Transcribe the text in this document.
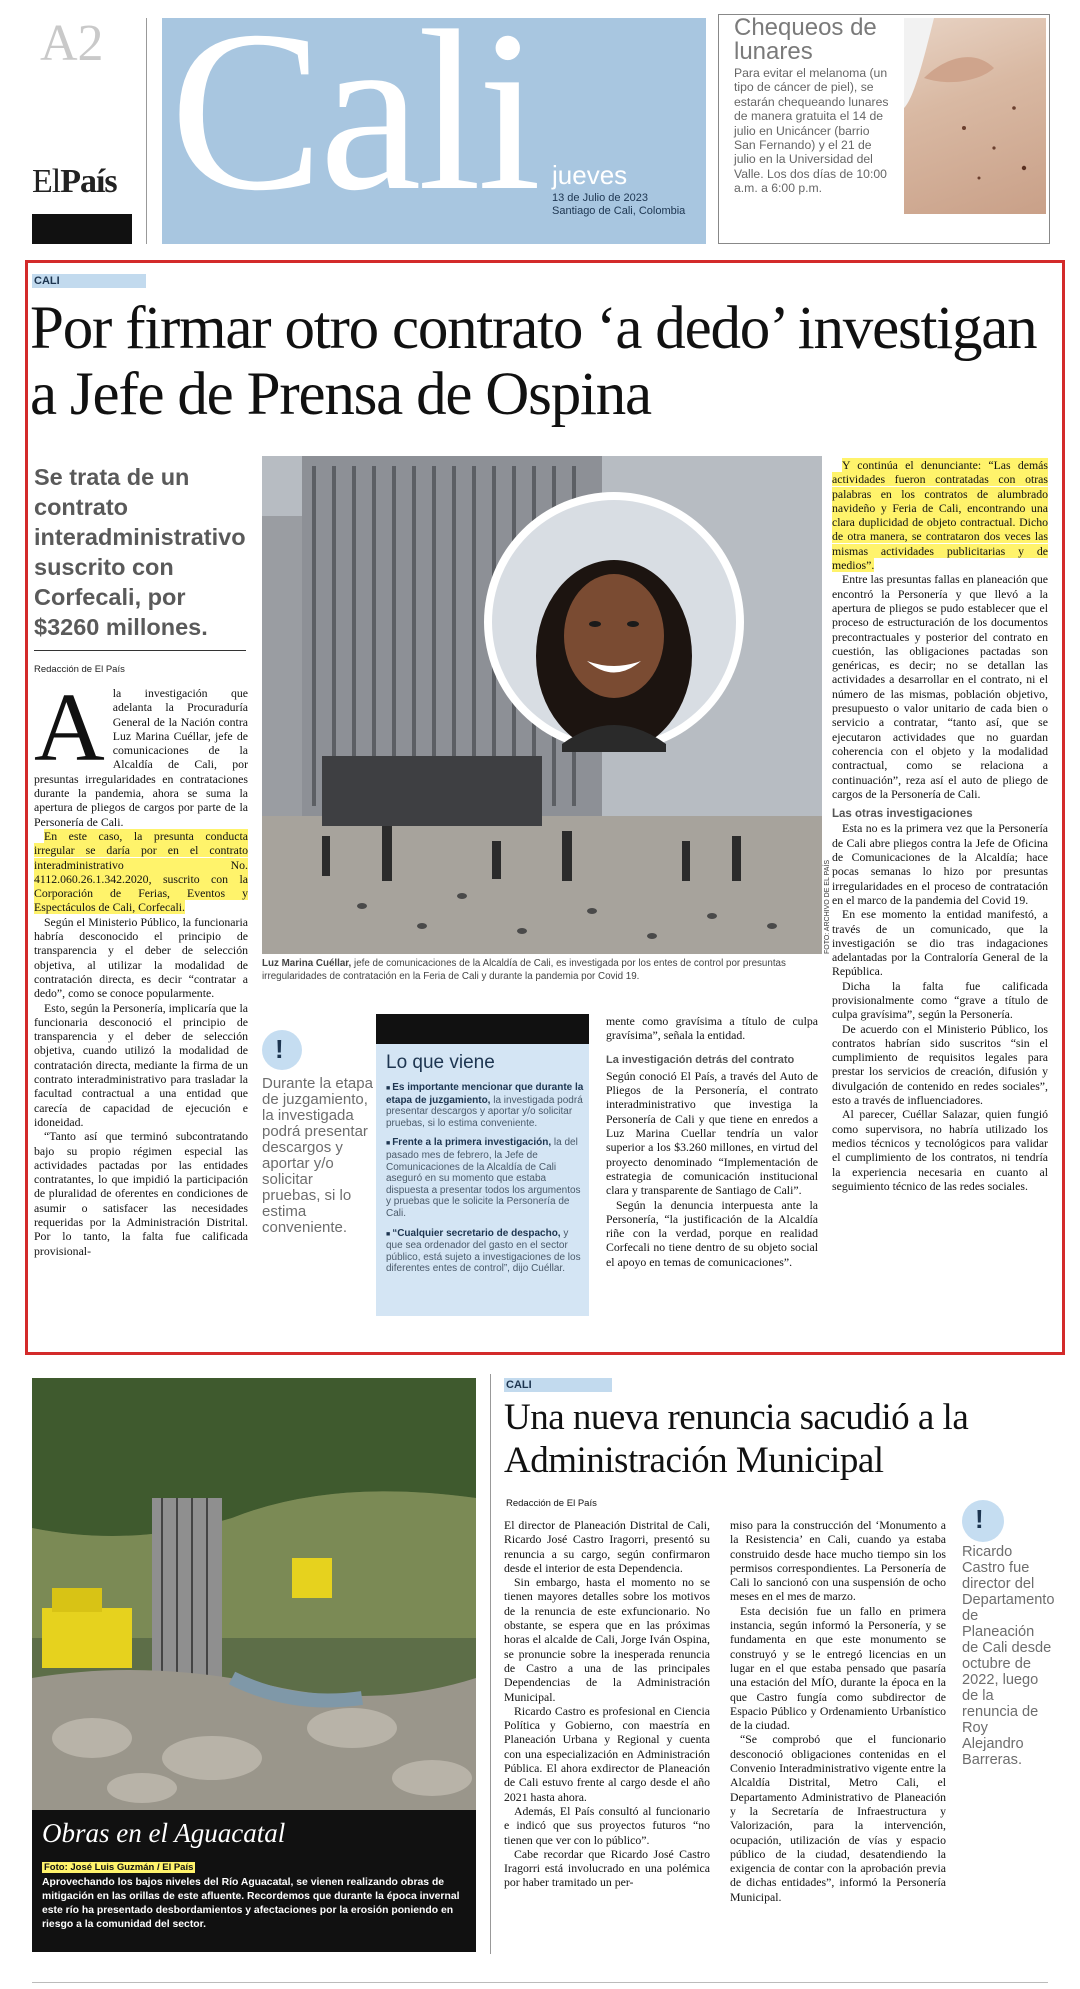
A2
ElPaís Cali jueves
13 de Julio de 2023
Santiago de Cali, Colombia
Chequeos de lunares
Para evitar el melanoma (un tipo de cáncer de piel), se estarán chequeando lunares de manera gratuita el 14 de julio en Unicáncer (barrio San Fernando) y el 21 de julio en la Universidad del Valle. Los dos días de 10:00 a.m. a 6:00 p.m.
CALI
Por firmar otro contrato ‘a dedo’ investigan a Jefe de Prensa de Ospina
Se trata de un contrato interadministrativo suscrito con Corfecali, por $3260 millones.
Redacción de El País
Ala investigación que adelanta la Procuraduría General de la Nación contra Luz Marina Cuéllar, jefe de comunicaciones de la Alcaldía de Cali, por presuntas irregularidades en contrataciones durante la pandemia, ahora se suma la apertura de pliegos de cargos por parte de la Personería de Cali.

En este caso, la presunta conducta irregular se daría por en el contrato interadministrativo No. 4112.060.26.1.342.2020, suscrito con la Corporación de Ferias, Eventos y Espectáculos de Cali, Corfecali.

Según el Ministerio Público, la funcionaria habría desconocido el principio de transparencia y el deber de selección objetiva, al utilizar la modalidad de contratación directa, es decir “contratar a dedo”, como se conoce popularmente.

Esto, según la Personería, implicaría que la funcionaria desconoció el principio de transparencia y el deber de selección objetiva, cuando utilizó la modalidad de contratación directa, mediante la firma de un contrato interadministrativo para trasladar la facultad contractual a una entidad que carecía de capacidad de ejecución e idoneidad.

“Tanto así que terminó subcontratando bajo su propio régimen especial las actividades pactadas por las entidades contratantes, lo que impidió la participación de pluralidad de oferentes en condiciones de asumir o satisfacer las necesidades requeridas por la Administración Distrital. Por lo tanto, la falta fue calificada provisional-

FOTO: ARCHIVO DE EL PAÍS
Luz Marina Cuéllar, jefe de comunicaciones de la Alcaldía de Cali, es investigada por los entes de control por presuntas irregularidades de contratación en la Feria de Cali y durante la pandemia por Covid 19.

Y continúa el denunciante: “Las demás actividades fueron contratadas con otras palabras en los contratos de alumbrado navideño y Feria de Cali, encontrando una clara duplicidad de objeto contractual. Dicho de otra manera, se contrataron dos veces las mismas actividades publicitarias y de medios”.

Entre las presuntas fallas en planeación que encontró la Personería y que llevó a la apertura de pliegos se pudo establecer que el proceso de estructuración de los documentos precontractuales y posterior del contrato en cuestión, las obligaciones pactadas son genéricas, es decir; no se detallan las actividades a desarrollar en el contrato, ni el número de las mismas, población objetivo, presupuesto o valor unitario de cada bien o servicio a contratar, “tanto así, que se ejecutaron actividades que no guardan coherencia con el objeto y la modalidad contractual, como se relaciona a continuación”, reza así el auto de pliego de cargos de la Personería de Cali.

Las otras investigaciones

Esta no es la primera vez que la Personería de Cali abre pliegos contra la Jefe de Oficina de Comunicaciones de la Alcaldía; hace pocas semanas lo hizo por presuntas irregularidades en el proceso de contratación en el marco de la pandemia del Covid 19.

En ese momento la entidad manifestó, a través de un comunicado, que la investigación se dio tras indagaciones adelantadas por la Contraloría General de la República.

Dicha la falta fue calificada provisionalmente como “grave a título de culpa gravísima”, según la Personería.

De acuerdo con el Ministerio Público, los contratos habrían sido suscritos “sin el cumplimiento de requisitos legales para prestar los servicios de creación, difusión y divulgación de contenido en redes sociales”, esto a través de influenciadores.

Al parecer, Cuéllar Salazar, quien fungió como supervisora, no habría utilizado los medios técnicos y tecnológicos para validar el cumplimiento de los contratos, ni tendría la experiencia necesaria en cuanto al seguimiento técnico de las redes sociales.

!
Durante la etapa de juzgamiento, la investigada podrá presentar descargos y aportar y/o solicitar pruebas, si lo estima conveniente.
Lo que viene
■ Es importante mencionar que durante la etapa de juzgamiento, la investigada podrá presentar descargos y aportar y/o solicitar pruebas, si lo estima conveniente.
■ Frente a la primera investigación, la del pasado mes de febrero, la Jefe de Comunicaciones de la Alcaldía de Cali aseguró en su momento que estaba dispuesta a presentar todos los argumentos y pruebas que le solicite la Personería de Cali.
■ “Cualquier secretario de despacho, y que sea ordenador del gasto en el sector público, está sujeto a investigaciones de los diferentes entes de control”, dijo Cuéllar.

mente como gravísima a título de culpa gravísima”, señala la entidad.

La investigación detrás del contrato

Según conoció El País, a través del Auto de Pliegos de la Personería, el contrato interadministrativo que investiga la Personería de Cali y que tiene en enredos a Luz Marina Cuellar tendría un valor superior a los $3.260 millones, en virtud del proyecto denominado “Implementación de estrategia de comunicación institucional clara y transparente de Santiago de Cali”.

Según la denuncia interpuesta ante la Personería, “la justificación de la Alcaldía riñe con la verdad, porque en realidad Corfecali no tiene dentro de su objeto social el apoyo en temas de comunicaciones”.

Obras en el Aguacatal
Foto: José Luis Guzmán / El País
Aprovechando los bajos niveles del Río Aguacatal, se vienen realizando obras de mitigación en las orillas de este afluente. Recordemos que durante la época invernal este río ha presentado desbordamientos y afectaciones por la erosión poniendo en riesgo a la comunidad del sector.
CALI
Una nueva renuncia sacudió a la Administración Municipal
Redacción de El País

El director de Planeación Distrital de Cali, Ricardo José Castro Iragorri, presentó su renuncia a su cargo, según confirmaron desde el interior de esta Dependencia.

Sin embargo, hasta el momento no se tienen mayores detalles sobre los motivos de la renuncia de este exfuncionario. No obstante, se espera que en las próximas horas el alcalde de Cali, Jorge Iván Ospina, se pronuncie sobre la inesperada renuncia de Castro a una de las principales Dependencias de la Administración Municipal.

Ricardo Castro es profesional en Ciencia Política y Gobierno, con maestría en Planeación Urbana y Regional y cuenta con una especialización en Administración Pública. El ahora exdirector de Planeación de Cali estuvo frente al cargo desde el año 2021 hasta ahora.

Además, El País consultó al funcionario e indicó que sus proyectos futuros “no tienen que ver con lo público”.

Cabe recordar que Ricardo José Castro Iragorri está involucrado en una polémica por haber tramitado un per-

miso para la construcción del ‘Monumento a la Resistencia’ en Cali, cuando ya estaba construido desde hace mucho tiempo sin los permisos correspondientes. La Personería de Cali lo sancionó con una suspensión de ocho meses en el mes de marzo.

Esta decisión fue un fallo en primera instancia, según informó la Personería, y se fundamenta en que este monumento se construyó y se le entregó licencias en un lugar en el que estaba pensado que pasaría una estación del MÍO, durante la época en la que Castro fungía como subdirector de Espacio Público y Ordenamiento Urbanístico de la ciudad.

“Se comprobó que el funcionario desconoció obligaciones contenidas en el Convenio Interadministrativo vigente entre la Alcaldía Distrital, Metro Cali, el Departamento Administrativo de Planeación y la Secretaría de Infraestructura y Valorización, para la intervención, ocupación, utilización de vías y espacio público de la ciudad, desatendiendo la exigencia de contar con la aprobación previa de dichas entidades”, informó la Personería Municipal.

!
Ricardo Castro fue director del Departamento de Planeación de Cali desde octubre de 2022, luego de la renuncia de Roy Alejandro Barreras.
